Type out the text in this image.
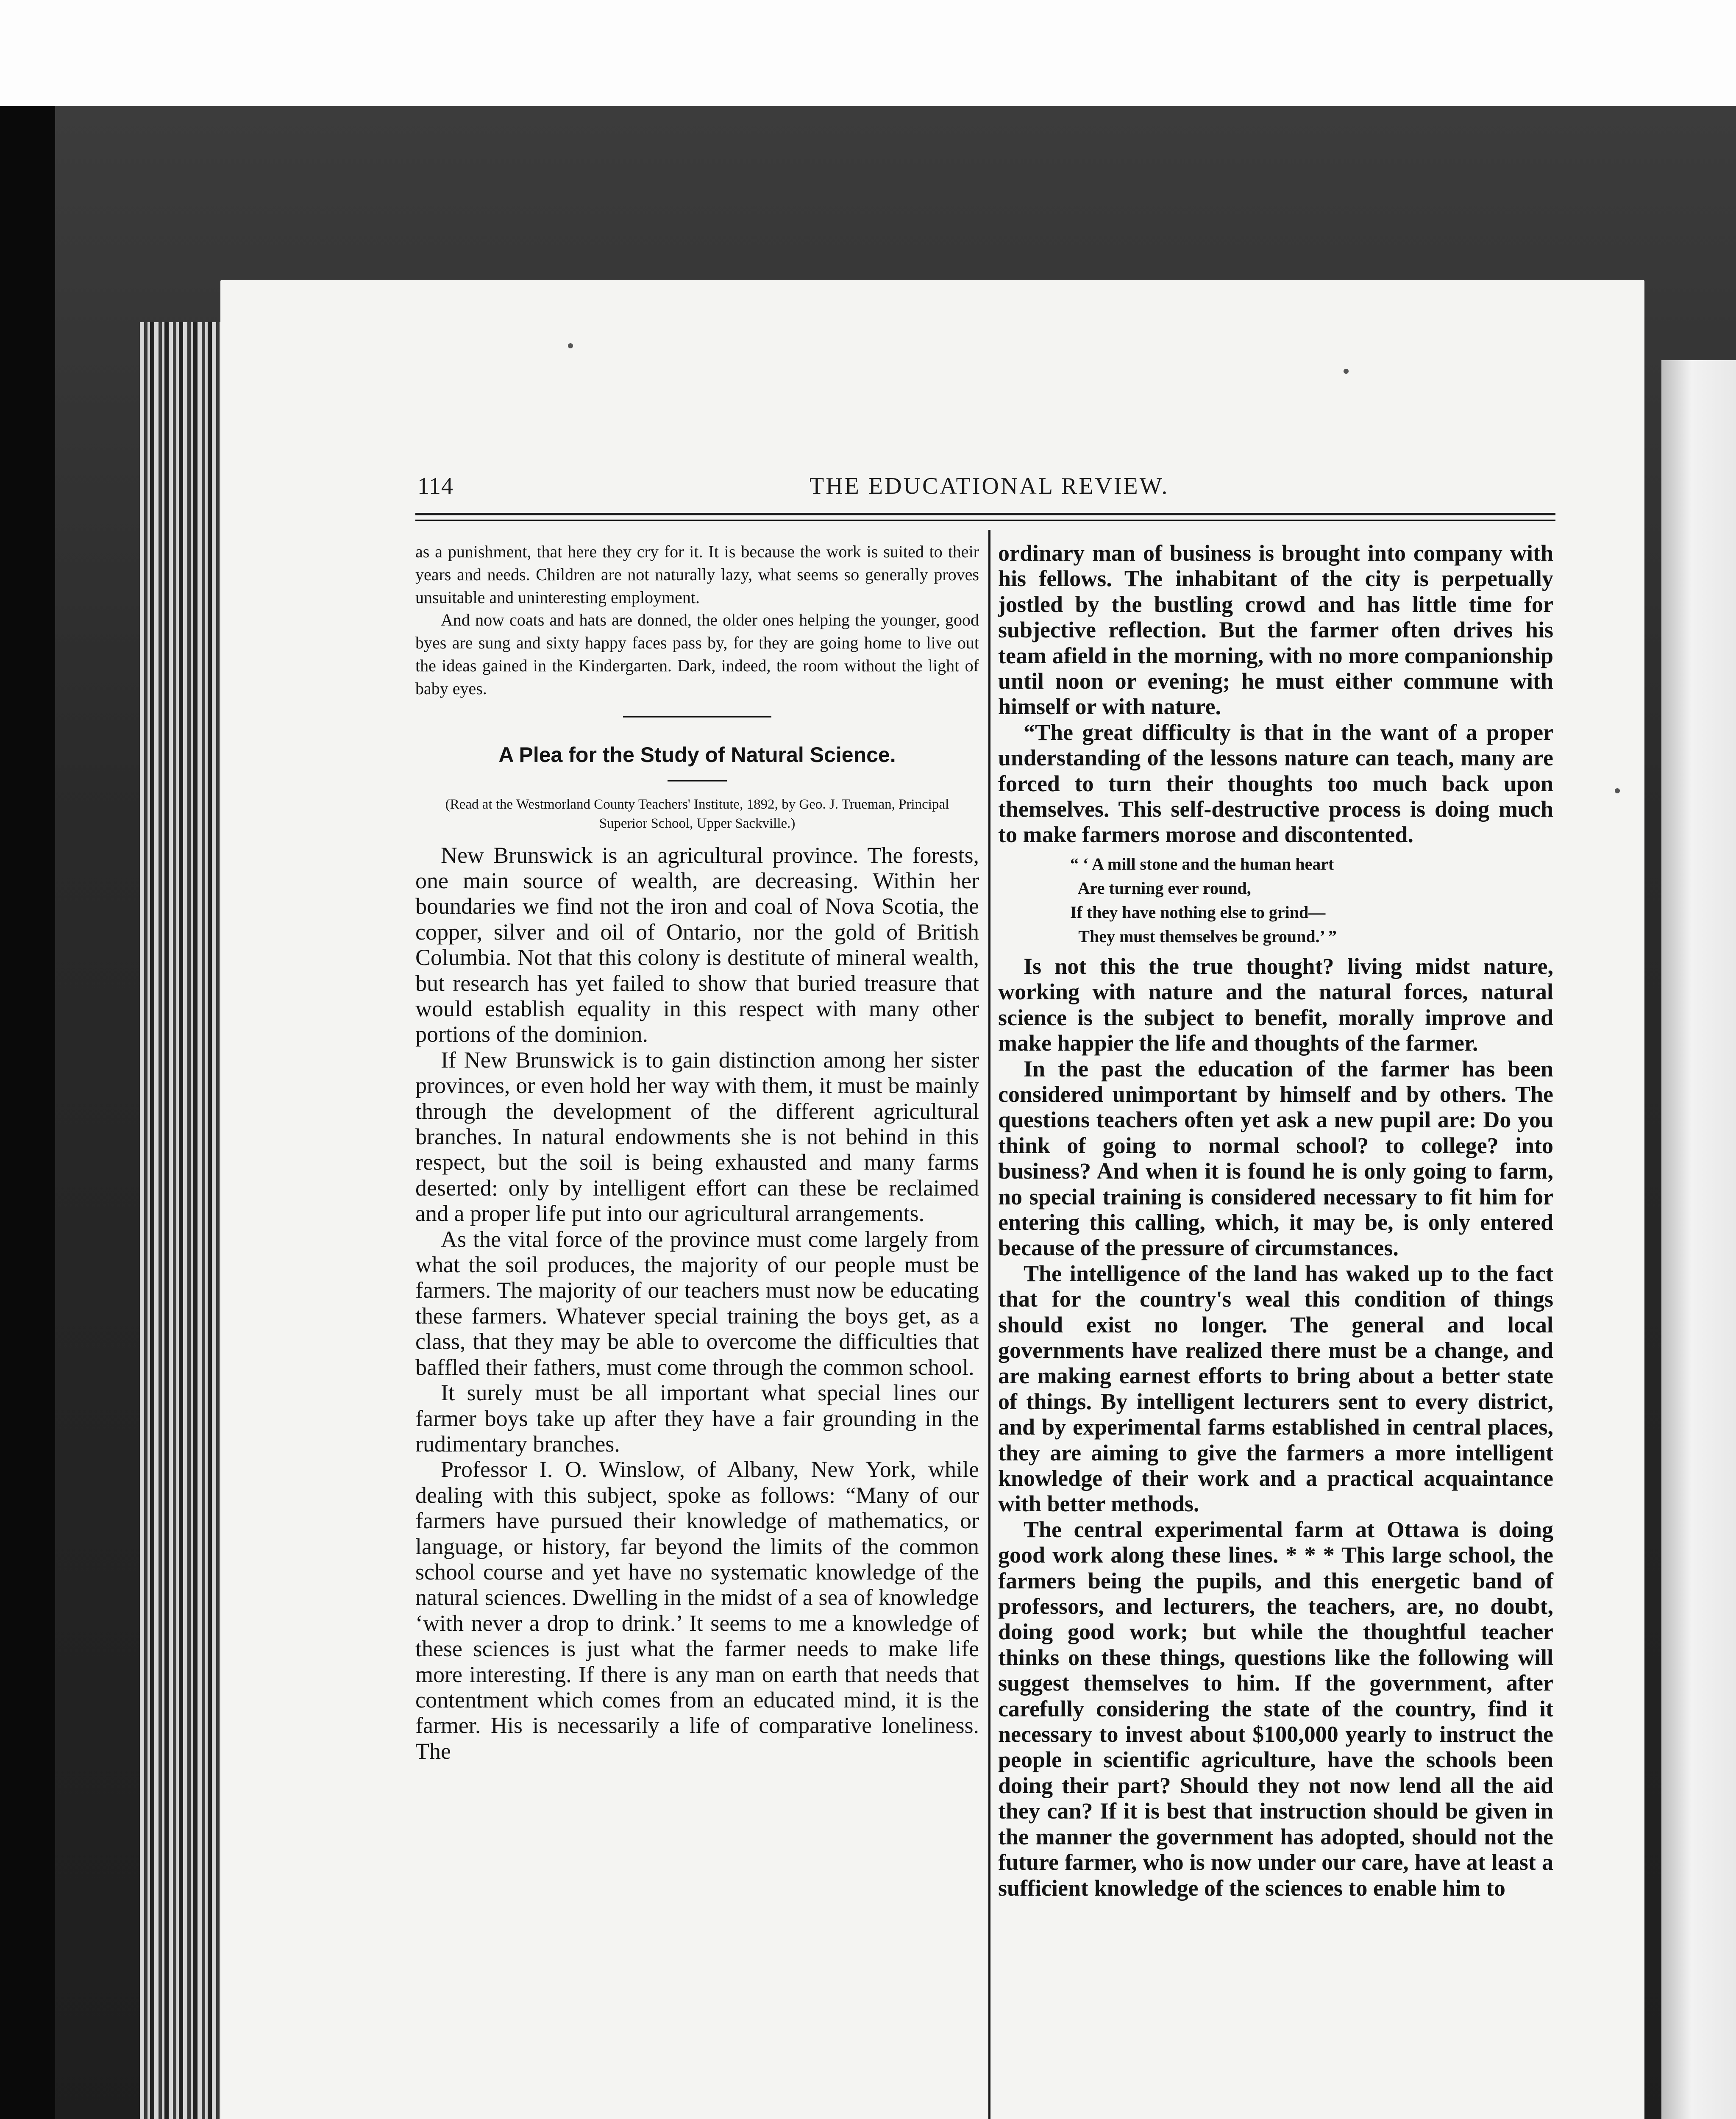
114	THE EDUCATIONAL REVIEW.

as a punishment, that here they cry for it. It is because the work is suited to their years and needs. Children are not naturally lazy, what seems so generally proves unsuitable and uninteresting employment.

And now coats and hats are donned, the older ones helping the younger, good byes are sung and sixty happy faces pass by, for they are going home to live out the ideas gained in the Kindergarten. Dark, indeed, the room without the light of baby eyes.

A Plea for the Study of Natural Science.
(Read at the Westmorland County Teachers' Institute, 1892, by Geo. J. Trueman, Principal Superior School, Upper Sackville.)

New Brunswick is an agricultural province. The forests, one main source of wealth, are decreasing. Within her boundaries we find not the iron and coal of Nova Scotia, the copper, silver and oil of Ontario, nor the gold of British Columbia. Not that this colony is destitute of mineral wealth, but research has yet failed to show that buried treasure that would establish equality in this respect with many other portions of the dominion.

If New Brunswick is to gain distinction among her sister provinces, or even hold her way with them, it must be mainly through the development of the different agricultural branches. In natural endowments she is not behind in this respect, but the soil is being exhausted and many farms deserted: only by intelligent effort can these be reclaimed and a proper life put into our agricultural arrangements.

As the vital force of the province must come largely from what the soil produces, the majority of our people must be farmers. The majority of our teachers must now be educating these farmers. Whatever special training the boys get, as a class, that they may be able to overcome the difficulties that baffled their fathers, must come through the common school.

It surely must be all important what special lines our farmer boys take up after they have a fair grounding in the rudimentary branches.

Professor I. O. Winslow, of Albany, New York, while dealing with this subject, spoke as follows: “Many of our farmers have pursued their knowledge of mathematics, or language, or history, far beyond the limits of the common school course and yet have no systematic knowledge of the natural sciences. Dwelling in the midst of a sea of knowledge ‘with never a drop to drink.’ It seems to me a knowledge of these sciences is just what the farmer needs to make life more interesting. If there is any man on earth that needs that contentment which comes from an educated mind, it is the farmer. His is necessarily a life of comparative loneliness. The

ordinary man of business is brought into company with his fellows. The inhabitant of the city is perpetually jostled by the bustling crowd and has little time for subjective reflection. But the farmer often drives his team afield in the morning, with no more companionship until noon or evening; he must either commune with himself or with nature.

“The great difficulty is that in the want of a proper understanding of the lessons nature can teach, many are forced to turn their thoughts too much back upon themselves. This self-destructive process is doing much to make farmers morose and discontented.

“ ‘ A mill stone and the human heart
Are turning ever round,
If they have nothing else to grind—
They must themselves be ground.’ ”

Is not this the true thought? living midst nature, working with nature and the natural forces, natural science is the subject to benefit, morally improve and make happier the life and thoughts of the farmer.

In the past the education of the farmer has been considered unimportant by himself and by others. The questions teachers often yet ask a new pupil are: Do you think of going to normal school? to college? into business? And when it is found he is only going to farm, no special training is considered necessary to fit him for entering this calling, which, it may be, is only entered because of the pressure of circumstances.

The intelligence of the land has waked up to the fact that for the country's weal this condition of things should exist no longer. The general and local governments have realized there must be a change, and are making earnest efforts to bring about a better state of things. By intelligent lecturers sent to every district, and by experimental farms established in central places, they are aiming to give the farmers a more intelligent knowledge of their work and a practical acquaintance with better methods.

The central experimental farm at Ottawa is doing good work along these lines. * * * This large school, the farmers being the pupils, and this energetic band of professors, and lecturers, the teachers, are, no doubt, doing good work; but while the thoughtful teacher thinks on these things, questions like the following will suggest themselves to him. If the government, after carefully considering the state of the country, find it necessary to invest about $100,000 yearly to instruct the people in scientific agriculture, have the schools been doing their part? Should they not now lend all the aid they can? If it is best that instruction should be given in the manner the government has adopted, should not the future farmer, who is now under our care, have at least a sufficient knowledge of the sciences to enable him to
